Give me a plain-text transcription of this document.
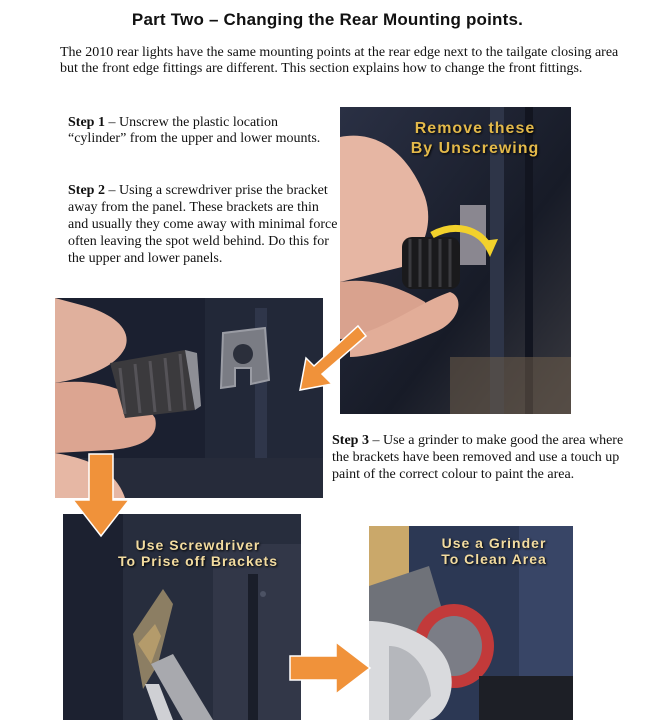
Part Two – Changing the Rear Mounting points.
The 2010 rear lights have the same mounting points at the rear edge next to the tailgate closing area but the front edge fittings are different. This section explains how to change the front fittings.
Step 1 – Unscrew the plastic location “cylinder” from the upper and lower mounts.
Step 2 – Using a screwdriver prise the bracket away from the panel. These brackets are thin and usually they come away with minimal force often leaving the spot weld behind. Do this for the upper and lower panels.
Step 3 – Use a grinder to make good the area where the brackets have been removed and use a touch up paint of the correct colour to paint the area.
Remove these
By Unscrewing
Use Screwdriver
To Prise off Brackets
Use a Grinder
To Clean Area
